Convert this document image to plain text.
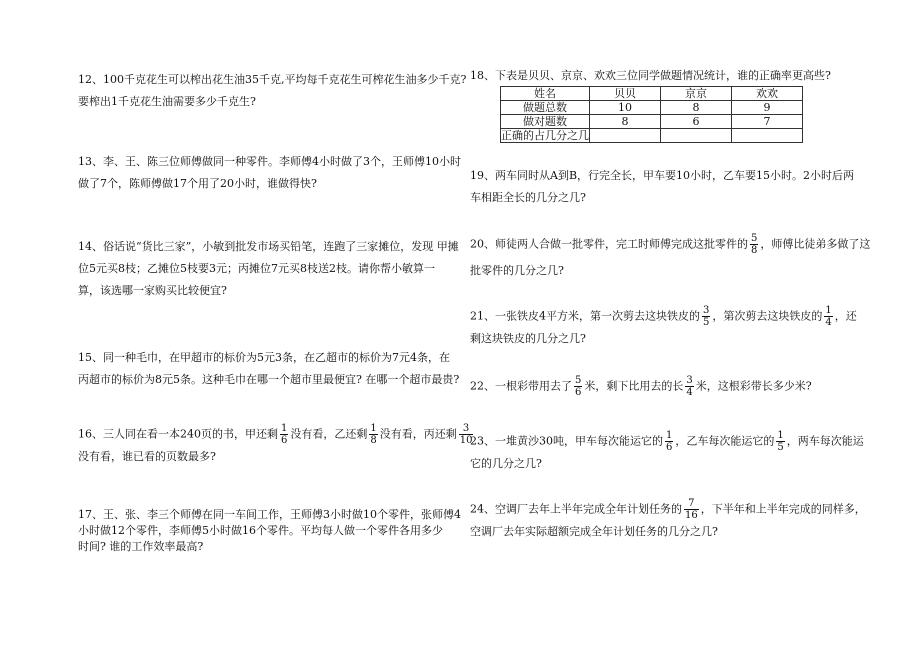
12、100千克花生可以榨出花生油35千克,平均每千克花生可榨花生油多少千克?
要榨出1千克花生油需要多少千克生?
13、李、王、陈三位师傅做同一种零件。李师傅4小时做了3个，王师傅10小时
做了7个，陈师傅做17个用了20小时，谁做得快?
14、俗话说“货比三家”，小敏到批发市场买铅笔，连跑了三家摊位，发现 甲摊
位5元买8枝；乙摊位5枝要3元；丙摊位7元买8枝送2枝。请你帮小敏算一
算，该选哪一家购买比较便宜?
15、同一种毛巾，在甲超市的标价为5元3条，在乙超市的标价为7元4条，在
丙超市的标价为8元5条。这种毛巾在哪一个超市里最便宜? 在哪一个超市最贵?
16、三人同在看一本240页的书，甲还剩 $\frac{1}{6}$ 没有看，乙还剩 $\frac{1}{8}$ 没有看，丙还剩 $\frac{3}{10}$
没有看，谁已看的页数最多?
17、王、张、李三个师傅在同一车间工作，王师傅3小时做10个零件，张师傅4
小时做12个零件，李师傅5小时做16个零件。平均每人做一个零件各用多少
时间? 谁的工作效率最高?
18、下表是贝贝、京京、欢欢三位同学做题情况统计，谁的正确率更高些?
姓名	贝贝	京京	欢欢
做题总数	10	8	9
做对题数	8	6	7
正确的占几分之几			
19、两车同时从A到B，行完全长，甲车要10小时，乙车要15小时。2小时后两
车相距全长的几分之几?
20、师徒两人合做一批零件，完工时师傅完成这批零件的 $\frac{5}{8}$ ，师傅比徒弟多做了这
批零件的几分之几?
21、一张铁皮4平方米，第一次剪去这块铁皮的 $\frac{3}{5}$ ，第次剪去这块铁皮的 $\frac{1}{4}$ ，还
剩这块铁皮的几分之几?
22、一根彩带用去了 $\frac{5}{6}$ 米，剩下比用去的长 $\frac{3}{4}$ 米，这根彩带长多少米?
23、一堆黄沙30吨，甲车每次能运它的 $\frac{1}{6}$ ，乙车每次能运它的 $\frac{1}{5}$ ，两车每次能运
它的几分之几?
24、空调厂去年上半年完成全年计划任务的 $\frac{7}{16}$ ，下半年和上半年完成的同样多，
空调厂去年实际超额完成全年计划任务的几分之几?
